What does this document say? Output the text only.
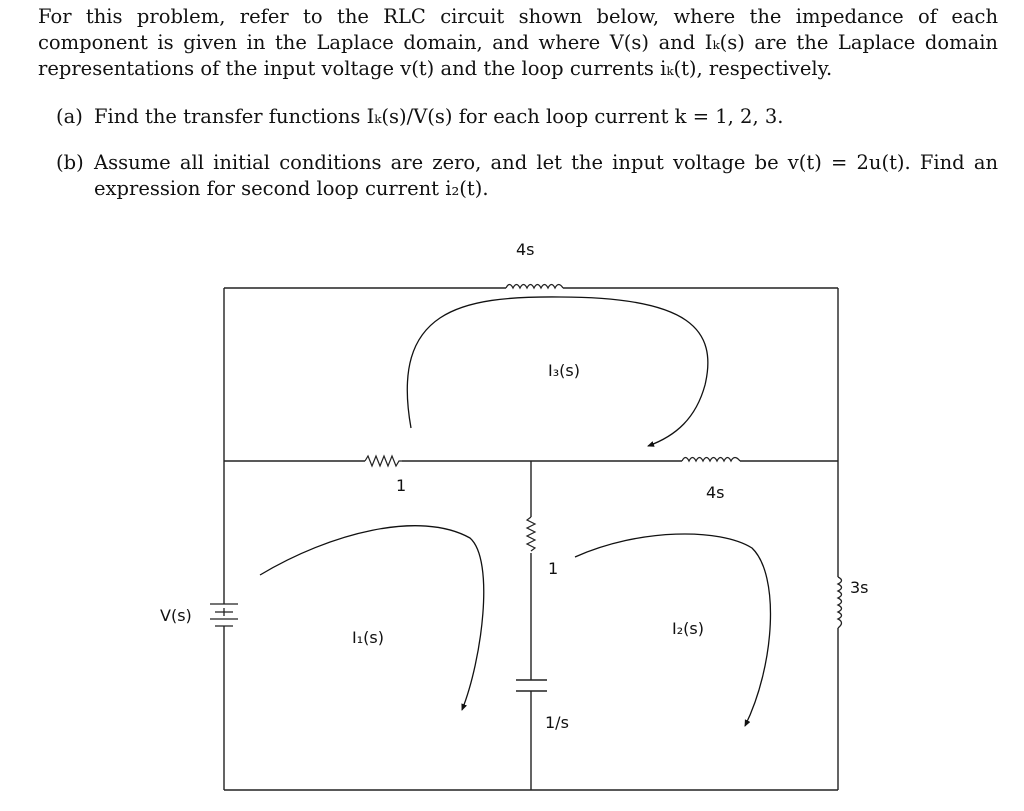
For this problem, refer to the RLC circuit shown below, where the impedance of each component is given in the Laplace domain, and where V(s) and Iₖ(s) are the Laplace domain representations of the input voltage v(t) and the loop currents iₖ(t), respectively.
(a) Find the transfer functions Iₖ(s)/V(s) for each loop current k = 1, 2, 3.
(b) Assume all initial conditions are zero, and let the input voltage be v(t) = 2u(t). Find an expression for second loop current i₂(t).
4s
1	4s
1
1/s
3s
V(s)
I₃(s)
I₁(s)	I₂(s)
